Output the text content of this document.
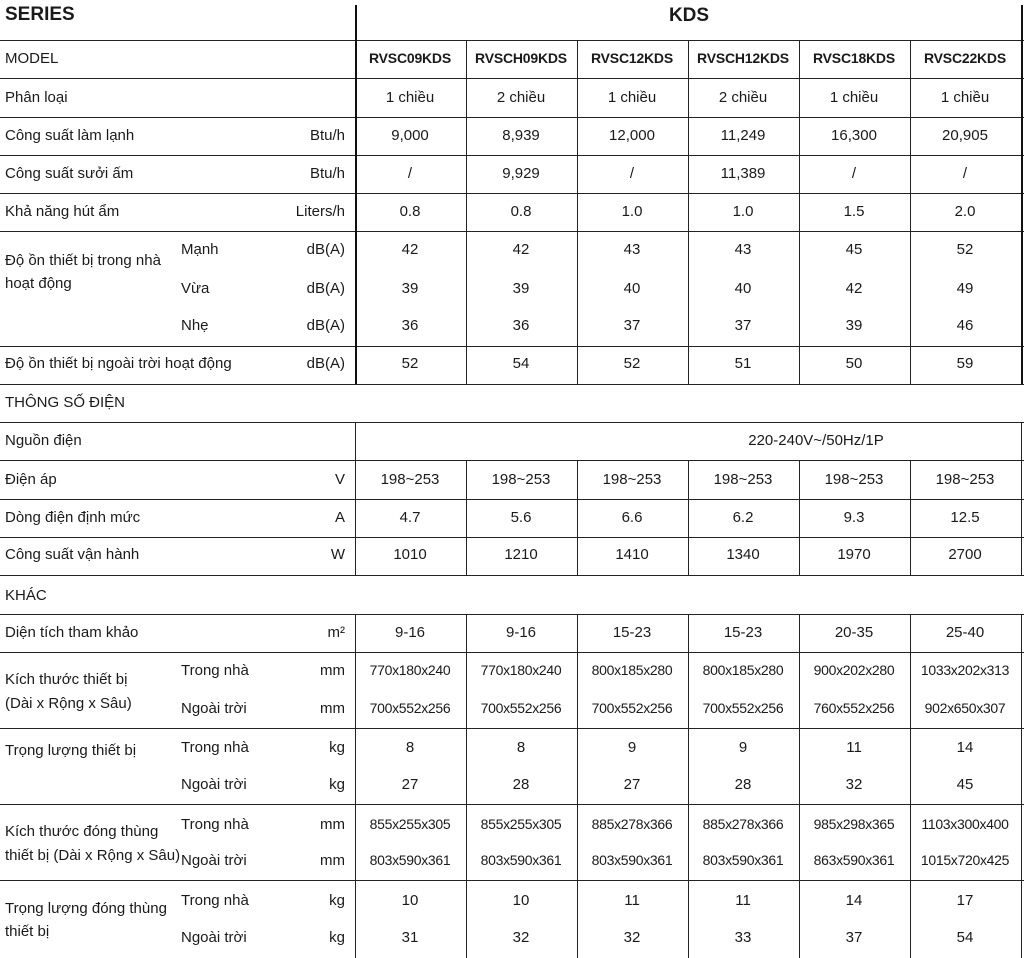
SERIES	KDS
MODEL	RVSC09KDS RVSCH09KDS RVSC12KDS RVSCH12KDS RVSC18KDS RVSC22KDS
Phân loại	1 chiều	2 chiều	1 chiều	2 chiều	1 chiều	1 chiều
Công suất làm lạnh	Btu/h	9,000	8,939	12,000	11,249	16,300	20,905
Công suất sưởi ấm	Btu/h	/	9,929	/	11,389	/	/
Khả năng hút ẩm	Liters/h	0.8	0.8	1.0	1.0	1.5	2.0
Độ ồn thiết bị trong nhà
hoạt động
Mạnh	dB(A)	42	42	43	43	45	52
Vừa	dB(A)	39	39	40	40	42	49
Nhẹ	dB(A)	36	36	37	37	39	46
Độ ồn thiết bị ngoài trời hoạt động	dB(A)	52	54	52	51	50	59
THÔNG SỐ ĐIỆN
Nguồn điện	220-240V~/50Hz/1P
Điện áp	V 198~253	198~253	198~253	198~253	198~253	198~253
Dòng điện định mức	A	4.7	5.6	6.6	6.2	9.3	12.5
Công suất vận hành	W	1010	1210	1410	1340	1970	2700
KHÁC
Diện tích tham khảo	m²	9-16	9-16	15-23	15-23	20-35	25-40
Kích thước thiết bị
(Dài x Rộng x Sâu)
Trong nhà	mm 770x180x240 770x180x240 800x185x280 800x185x280 900x202x280 1033x202x313
Ngoài trời	mm 700x552x256 700x552x256 700x552x256 700x552x256 760x552x256 902x650x307
Trọng lượng thiết bị	Trong nhà	kg	8	8	9	9	11	14
Ngoài trời	kg	27	28	27	28	32	45
Kích thước đóng thùng
thiết bị (Dài x Rộng x Sâu)
Trong nhà	mm 855x255x305 855x255x305 885x278x366 885x278x366 985x298x365 1103x300x400
Ngoài trời	mm 803x590x361 803x590x361 803x590x361 803x590x361 863x590x361 1015x720x425
Trọng lượng đóng thùng
thiết bị
Trong nhà	kg	10	10	11	11	14	17
Ngoài trời	kg	31	32	32	33	37	54
